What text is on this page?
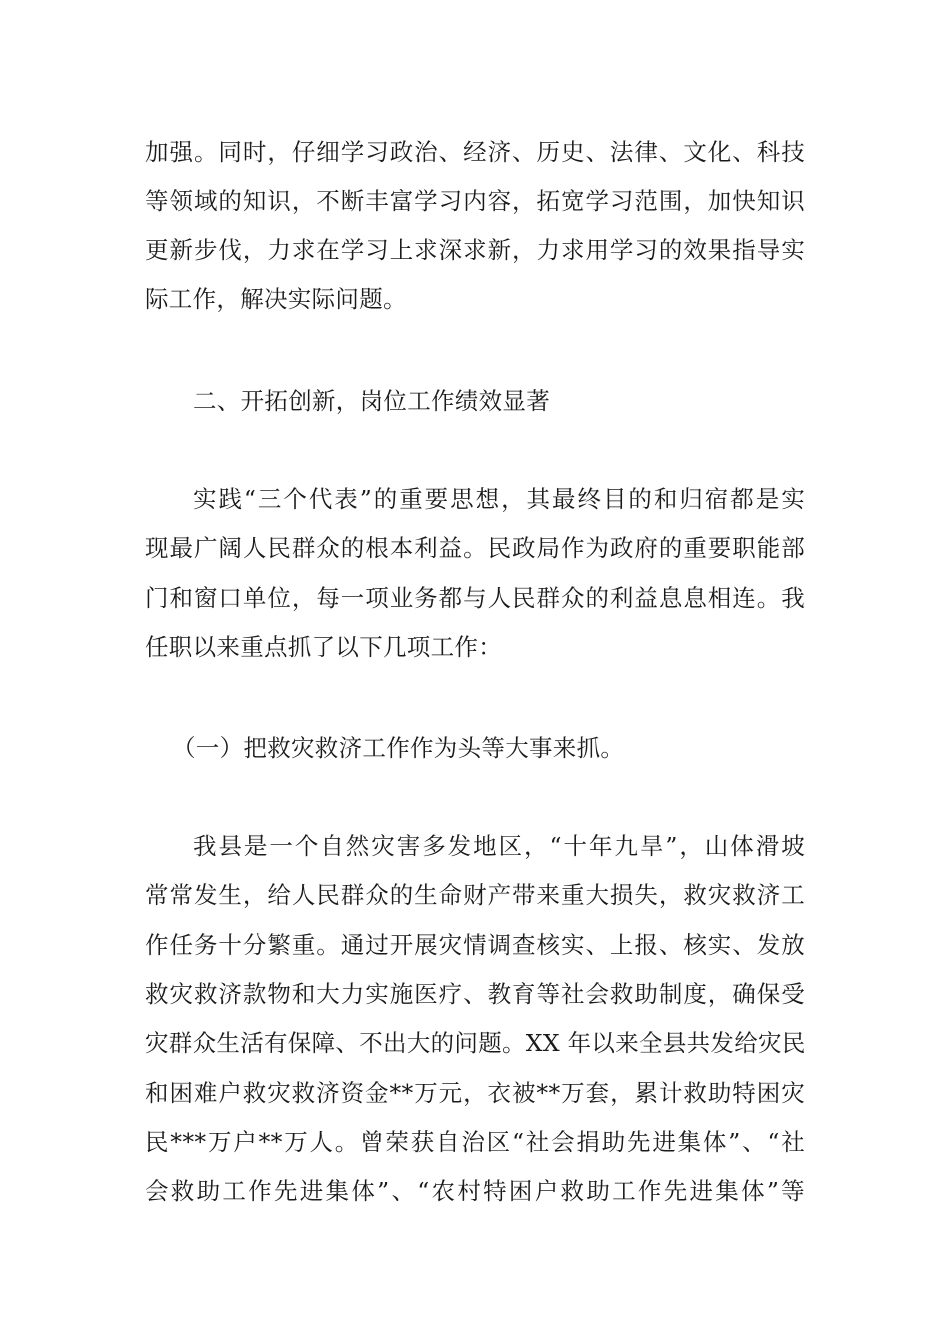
加强。同时，仔细学习政治、经济、历史、法律、文化、科技
等领域的知识，不断丰富学习内容，拓宽学习范围，加快知识
更新步伐，力求在学习上求深求新，力求用学习的效果指导实
际工作，解决实际问题。
二、开拓创新，岗位工作绩效显著
实践“三个代表”的重要思想，其最终目的和归宿都是实
现最广阔人民群众的根本利益。民政局作为政府的重要职能部
门和窗口单位，每一项业务都与人民群众的利益息息相连。我
任职以来重点抓了以下几项工作：
（一）把救灾救济工作作为头等大事来抓。
我县是一个自然灾害多发地区，“十年九旱”，山体滑坡
常常发生，给人民群众的生命财产带来重大损失，救灾救济工
作任务十分繁重。通过开展灾情调查核实、上报、核实、发放
救灾救济款物和大力实施医疗、教育等社会救助制度，确保受
灾群众生活有保障、不出大的问题。XX 年以来全县共发给灾民
和困难户救灾救济资金**万元，衣被**万套，累计救助特困灾
民***万户**万人。曾荣获自治区“社会捐助先进集体”、“社
会救助工作先进集体”、“农村特困户救助工作先进集体”等
